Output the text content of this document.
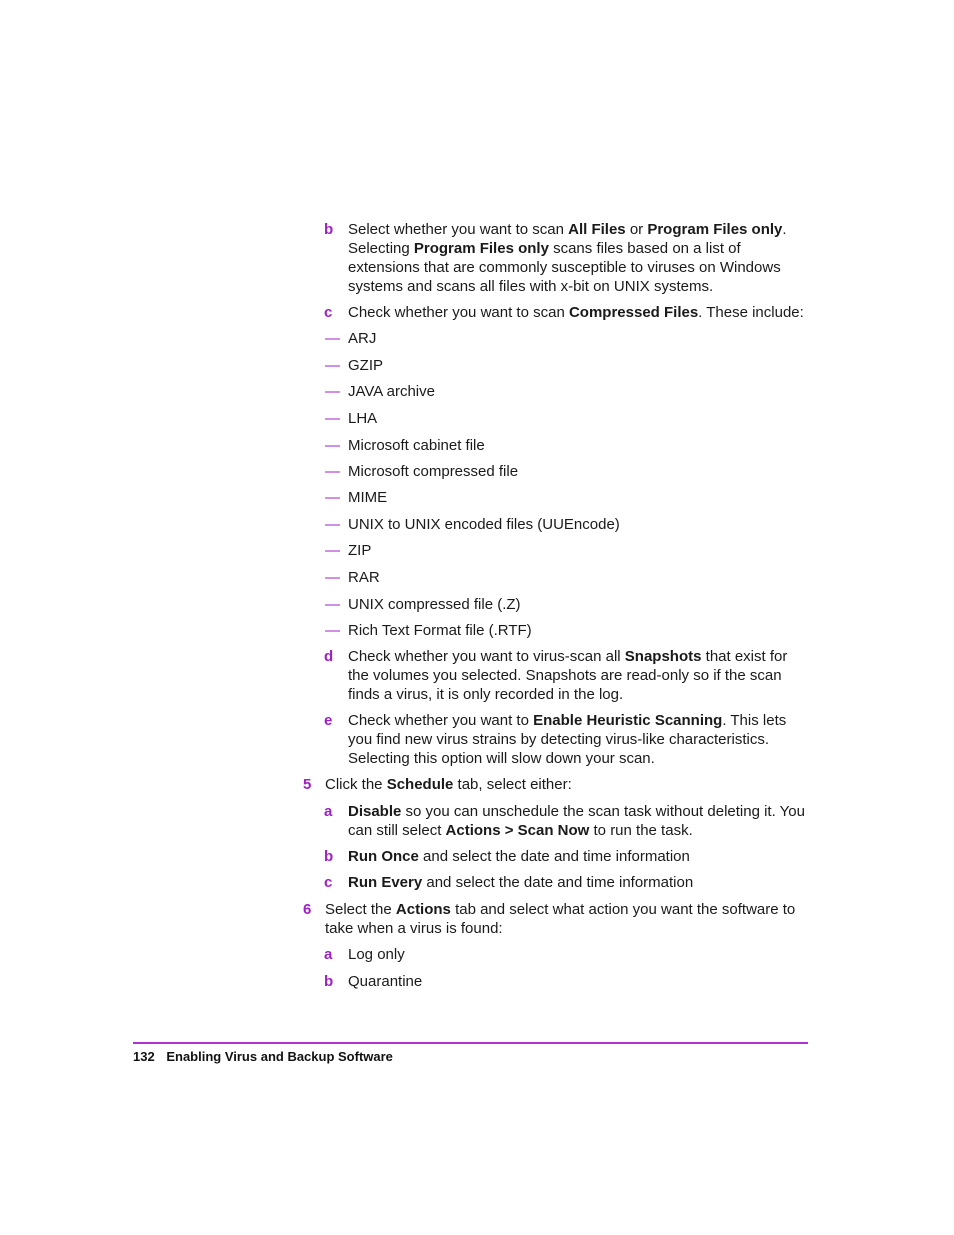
b Select whether you want to scan All Files or Program Files only. Selecting Program Files only scans files based on a list of extensions that are commonly susceptible to viruses on Windows systems and scans all files with x-bit on UNIX systems.
c Check whether you want to scan Compressed Files. These include:
— ARJ
— GZIP
— JAVA archive
— LHA
— Microsoft cabinet file
— Microsoft compressed file
— MIME
— UNIX to UNIX encoded files (UUEncode)
— ZIP
— RAR
— UNIX compressed file (.Z)
— Rich Text Format file (.RTF)
d Check whether you want to virus-scan all Snapshots that exist for the volumes you selected. Snapshots are read-only so if the scan finds a virus, it is only recorded in the log.
e Check whether you want to Enable Heuristic Scanning. This lets you find new virus strains by detecting virus-like characteristics. Selecting this option will slow down your scan.
5 Click the Schedule tab, select either:
a Disable so you can unschedule the scan task without deleting it. You can still select Actions > Scan Now to run the task.
b Run Once and select the date and time information
c Run Every and select the date and time information
6 Select the Actions tab and select what action you want the software to take when a virus is found:
a Log only
b Quarantine
132 Enabling Virus and Backup Software
